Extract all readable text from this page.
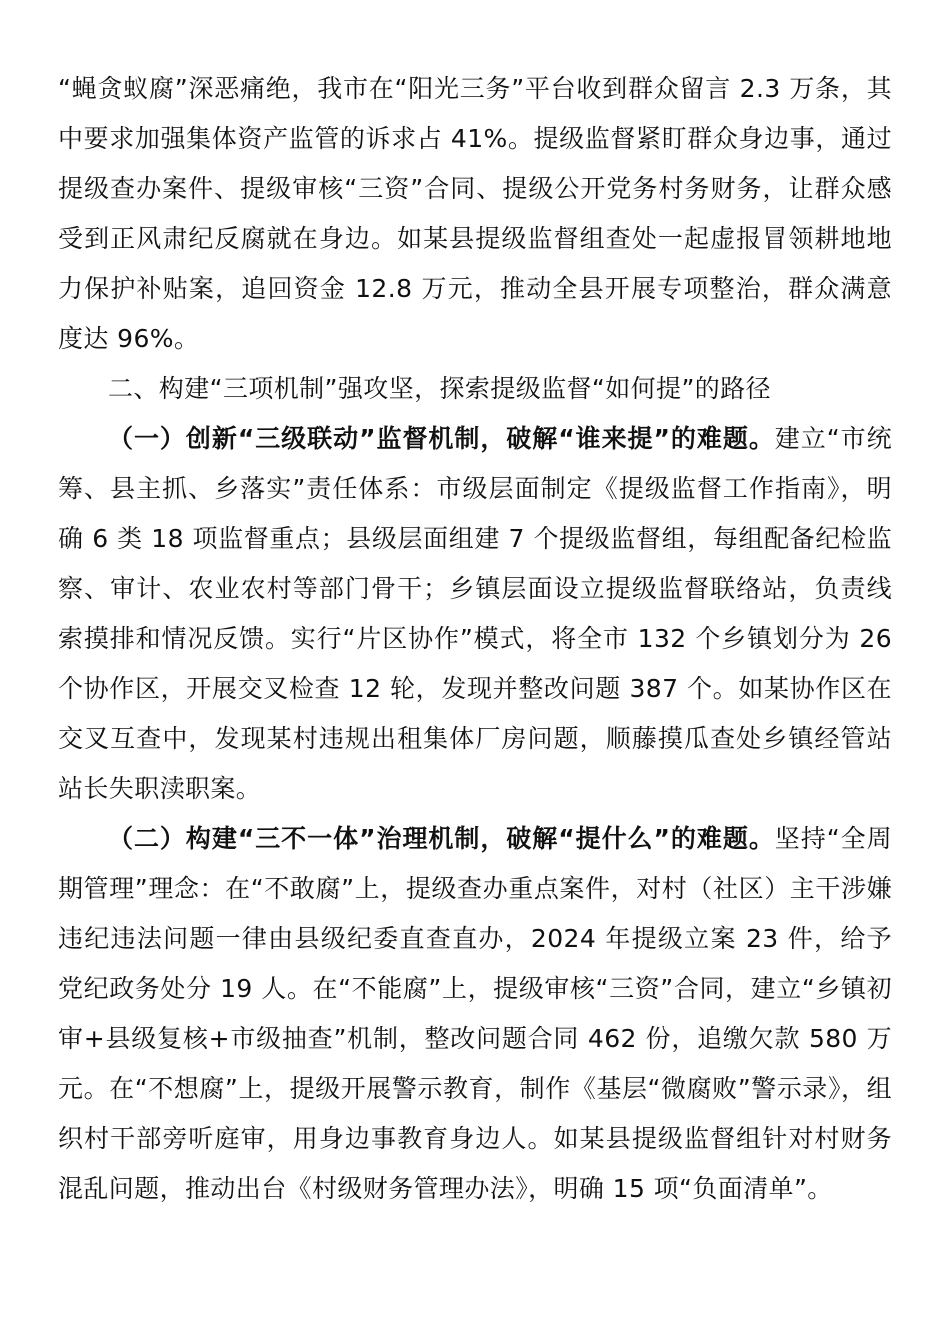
“蝇贪蚁腐”深恶痛绝，我市在“阳光三务”平台收到群众留言 2.3 万条，其中要求加强集体资产监管的诉求占 41%。提级监督紧盯群众身边事，通过提级查办案件、提级审核“三资”合同、提级公开党务村务财务，让群众感受到正风肃纪反腐就在身边。如某县提级监督组查处一起虚报冒领耕地地力保护补贴案，追回资金 12.8 万元，推动全县开展专项整治，群众满意度达 96%。

二、构建“三项机制”强攻坚，探索提级监督“如何提”的路径

（一）创新“三级联动”监督机制，破解“谁来提”的难题。建立“市统筹、县主抓、乡落实”责任体系：市级层面制定《提级监督工作指南》，明确 6 类 18 项监督重点；县级层面组建 7 个提级监督组，每组配备纪检监察、审计、农业农村等部门骨干；乡镇层面设立提级监督联络站，负责线索摸排和情况反馈。实行“片区协作”模式，将全市 132 个乡镇划分为 26 个协作区，开展交叉检查 12 轮，发现并整改问题 387 个。如某协作区在交叉互查中，发现某村违规出租集体厂房问题，顺藤摸瓜查处乡镇经管站站长失职渎职案。

（二）构建“三不一体”治理机制，破解“提什么”的难题。坚持“全周期管理”理念：在“不敢腐”上，提级查办重点案件，对村（社区）主干涉嫌违纪违法问题一律由县级纪委直查直办，2024 年提级立案 23 件，给予党纪政务处分 19 人。在“不能腐”上，提级审核“三资”合同，建立“乡镇初审+县级复核+市级抽查”机制，整改问题合同 462 份，追缴欠款 580 万元。在“不想腐”上，提级开展警示教育，制作《基层“微腐败”警示录》，组织村干部旁听庭审，用身边事教育身边人。如某县提级监督组针对村财务混乱问题，推动出台《村级财务管理办法》，明确 15 项“负面清单”。
